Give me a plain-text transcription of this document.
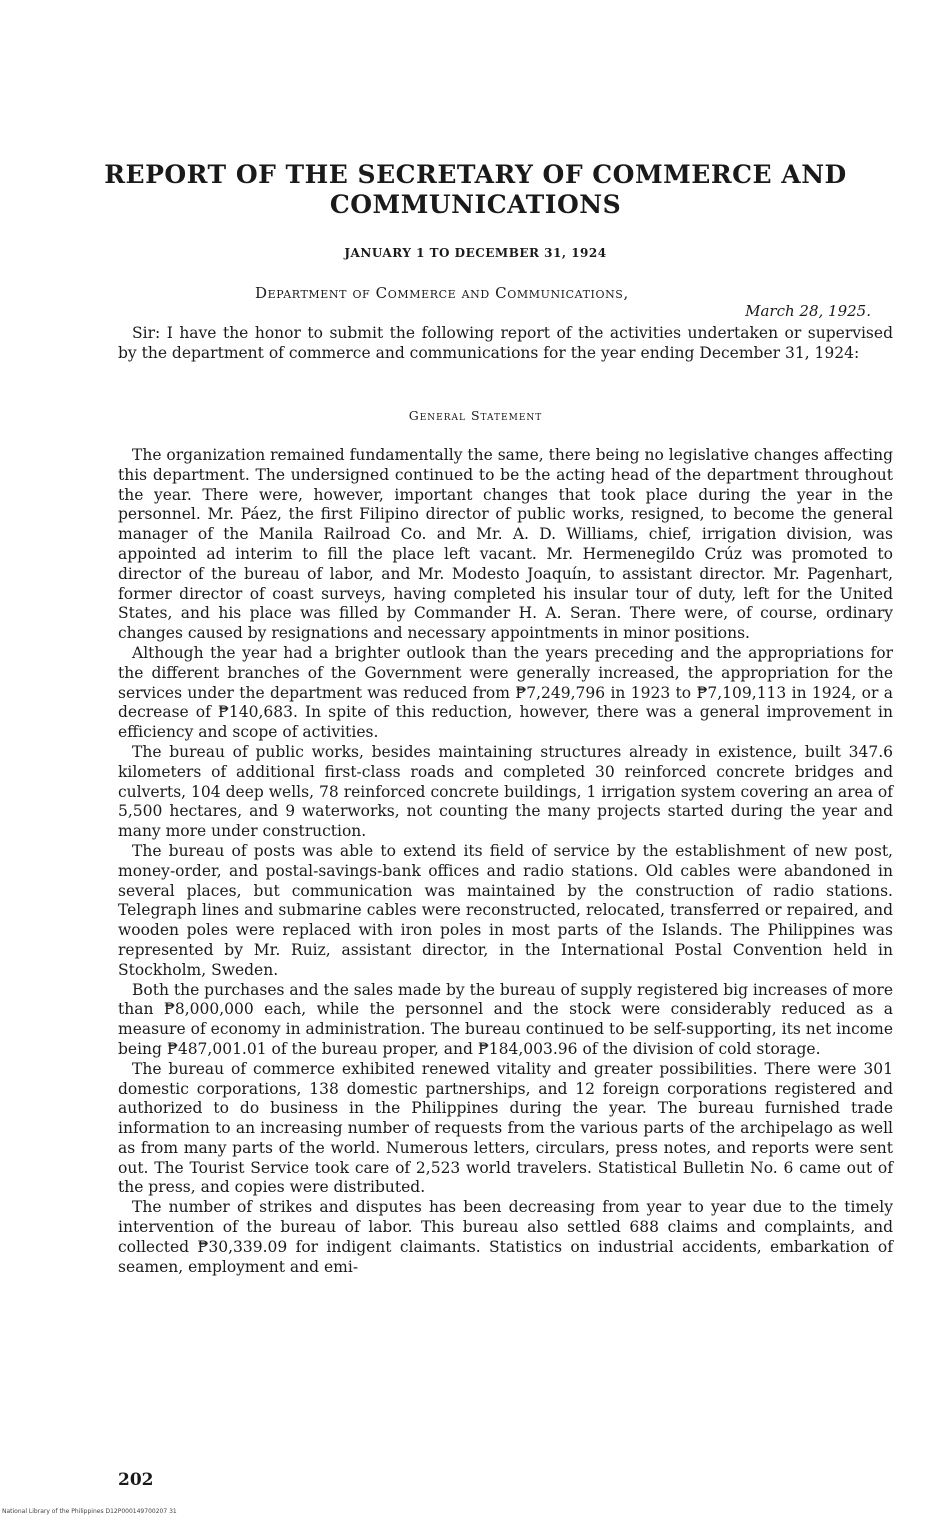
REPORT OF THE SECRETARY OF COMMERCE AND COMMUNICATIONS

JANUARY 1 TO DECEMBER 31, 1924

Department of Commerce and Communications,

March 28, 1925.

Sir: I have the honor to submit the following report of the activities undertaken or supervised by the department of commerce and communications for the year ending December 31, 1924:

General Statement

The organization remained fundamentally the same, there being no legislative changes affecting this department. The undersigned continued to be the acting head of the department throughout the year. There were, however, important changes that took place during the year in the personnel. Mr. Páez, the first Filipino director of public works, resigned, to become the general manager of the Manila Railroad Co. and Mr. A. D. Williams, chief, irrigation division, was appointed ad interim to fill the place left vacant. Mr. Hermenegildo Crúz was promoted to director of the bureau of labor, and Mr. Modesto Joaquín, to assistant director. Mr. Pagenhart, former director of coast surveys, having completed his insular tour of duty, left for the United States, and his place was filled by Commander H. A. Seran. There were, of course, ordinary changes caused by resignations and necessary appointments in minor positions.

Although the year had a brighter outlook than the years preceding and the appropriations for the different branches of the Government were generally increased, the appropriation for the services under the department was reduced from ₱7,249,796 in 1923 to ₱7,109,113 in 1924, or a decrease of ₱140,683. In spite of this reduction, however, there was a general improvement in efficiency and scope of activities.

The bureau of public works, besides maintaining structures already in existence, built 347.6 kilometers of additional first-class roads and completed 30 reinforced concrete bridges and culverts, 104 deep wells, 78 reinforced concrete buildings, 1 irrigation system covering an area of 5,500 hectares, and 9 waterworks, not counting the many projects started during the year and many more under construction.

The bureau of posts was able to extend its field of service by the establishment of new post, money-order, and postal-savings-bank offices and radio stations. Old cables were abandoned in several places, but communication was maintained by the construction of radio stations. Telegraph lines and submarine cables were reconstructed, relocated, transferred or repaired, and wooden poles were replaced with iron poles in most parts of the Islands. The Philippines was represented by Mr. Ruiz, assistant director, in the International Postal Convention held in Stockholm, Sweden.

Both the purchases and the sales made by the bureau of supply registered big increases of more than ₱8,000,000 each, while the personnel and the stock were considerably reduced as a measure of economy in administration. The bureau continued to be self-supporting, its net income being ₱487,001.01 of the bureau proper, and ₱184,003.96 of the division of cold storage.

The bureau of commerce exhibited renewed vitality and greater possibilities. There were 301 domestic corporations, 138 domestic partnerships, and 12 foreign corporations registered and authorized to do business in the Philippines during the year. The bureau furnished trade information to an increasing number of requests from the various parts of the archipelago as well as from many parts of the world. Numerous letters, circulars, press notes, and reports were sent out. The Tourist Service took care of 2,523 world travelers. Statistical Bulletin No. 6 came out of the press, and copies were distributed.

The number of strikes and disputes has been decreasing from year to year due to the timely intervention of the bureau of labor. This bureau also settled 688 claims and complaints, and collected ₱30,339.09 for indigent claimants. Statistics on industrial accidents, embarkation of seamen, employment and emi-

202

National Library of the Philippines D12P000149700207 31
